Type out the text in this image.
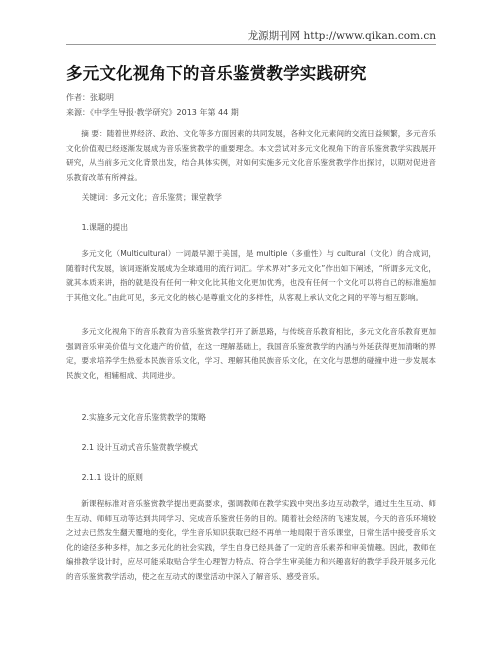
龙源期刊网 http://www.qikan.com.cn
多元文化视角下的音乐鉴赏教学实践研究
作者：张聪明
来源：《中学生导报·教学研究》2013 年第 44 期

摘 要：随着世界经济、政治、文化等多方面因素的共同发展，各种文化元素间的交流日益频繁，多元音乐文化价值观已经逐渐发展成为音乐鉴赏教学的重要理念。本文尝试对多元文化视角下的音乐鉴赏教学实践展开研究，从当前多元文化背景出发，结合具体实例，对如何实施多元文化音乐鉴赏教学作出探讨，以期对促进音乐教育改革有所裨益。

关键词：多元文化；音乐鉴赏；课堂教学

1.课题的提出

多元文化（Multicultural）一词最早源于美国，是 multiple（多重性）与 cultural（文化）的合成词，随着时代发展，该词逐渐发展成为全球通用的流行词汇。学术界对“多元文化”作出如下阐述，“所谓多元文化，就其本质来讲，指的就是没有任何一种文化比其他文化更加优秀，也没有任何一个文化可以将自己的标准施加于其他文化。”由此可见，多元文化的核心是尊重文化的多样性，从客观上承认文化之间的平等与相互影响。

多元文化视角下的音乐教育为音乐鉴赏教学打开了新思路，与传统音乐教育相比，多元文化音乐教育更加强调音乐审美价值与文化遗产的价值，在这一理解基础上，我国音乐鉴赏教学的内涵与外延获得更加清晰的界定，要求培养学生热爱本民族音乐文化，学习、理解其他民族音乐文化，在文化与思想的碰撞中进一步发展本民族文化，相辅相成、共同进步。

2.实施多元文化音乐鉴赏教学的策略

2.1 设计互动式音乐鉴赏教学模式

2.1.1 设计的原则

新课程标准对音乐鉴赏教学提出更高要求，强调教师在教学实践中突出多边互动教学，通过生生互动、师生互动、师师互动等达到共同学习、完成音乐鉴赏任务的目的。随着社会经济的飞速发展，今天的音乐环境较之过去已然发生翻天覆地的变化，学生音乐知识获取已经不再单一地局限于音乐课堂，日常生活中接受音乐文化的途径多种多样，加之多元化的社会实践，学生自身已经具备了一定的音乐素养和审美情趣。因此，教师在编排教学设计时，应尽可能采取贴合学生心理智力特点、符合学生审美能力和兴趣喜好的教学手段开展多元化的音乐鉴赏教学活动，使之在互动式的课堂活动中深入了解音乐、感受音乐。
